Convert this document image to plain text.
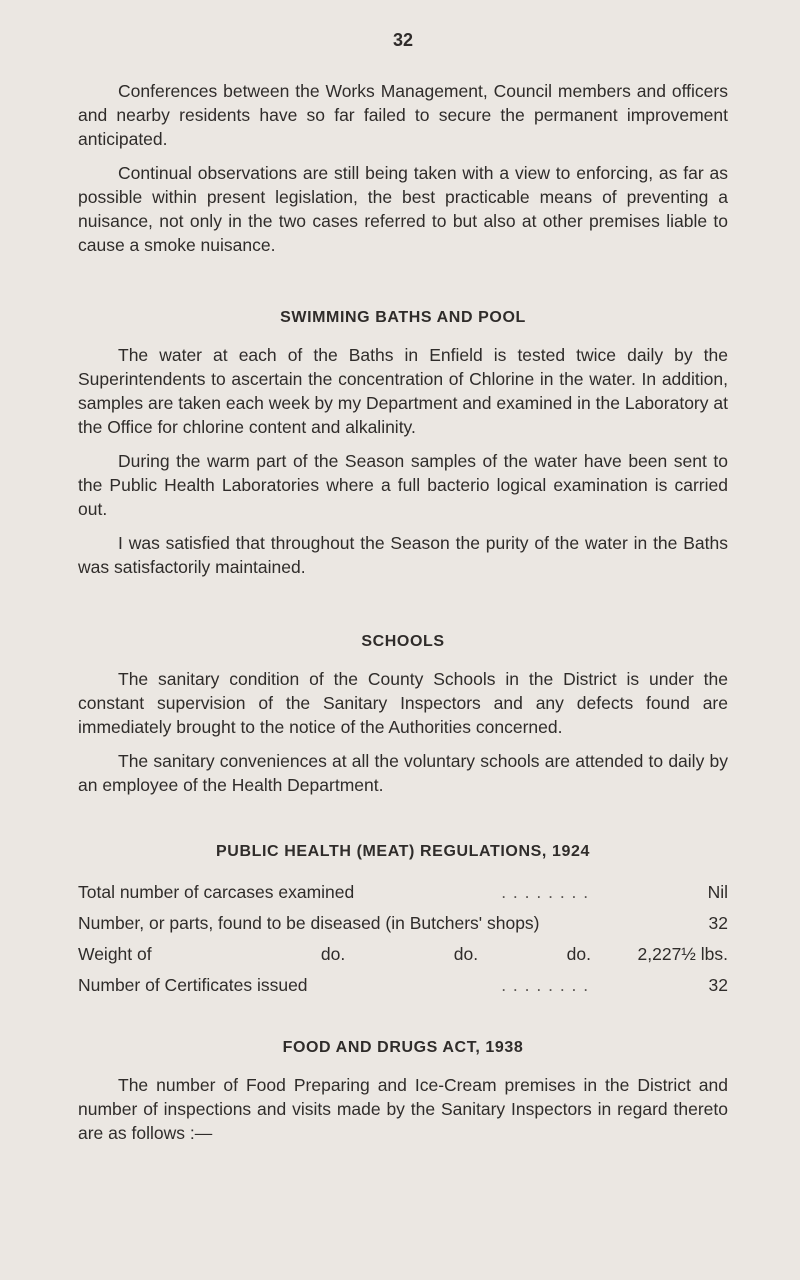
32

Conferences between the Works Management, Council members and officers and nearby residents have so far failed to secure the permanent improvement anticipated.

Continual observations are still being taken with a view to enforcing, as far as possible within present legislation, the best practicable means of preventing a nuisance, not only in the two cases referred to but also at other premises liable to cause a smoke nuisance.

SWIMMING BATHS AND POOL

The water at each of the Baths in Enfield is tested twice daily by the Superintendents to ascertain the concentration of Chlorine in the water. In addition, samples are taken each week by my Department and examined in the Laboratory at the Office for chlorine content and alkalinity.

During the warm part of the Season samples of the water have been sent to the Public Health Laboratories where a full bacterio logical examination is carried out.

I was satisfied that throughout the Season the purity of the water in the Baths was satisfactorily maintained.

SCHOOLS

The sanitary condition of the County Schools in the District is under the constant supervision of the Sanitary Inspectors and any defects found are immediately brought to the notice of the Authorities concerned.

The sanitary conveniences at all the voluntary schools are attended to daily by an employee of the Health Department.

PUBLIC HEALTH (MEAT) REGULATIONS, 1924
Total number of carcases examined	. . . . . . . .	Nil
Number, or parts, found to be diseased (in Butchers' shops)		32
Weight of do. do. do.		2,227½ lbs.
Number of Certificates issued	. . . . . . . .	32
FOOD AND DRUGS ACT, 1938

The number of Food Preparing and Ice-Cream premises in the District and number of inspections and visits made by the Sanitary Inspectors in regard thereto are as follows :—
